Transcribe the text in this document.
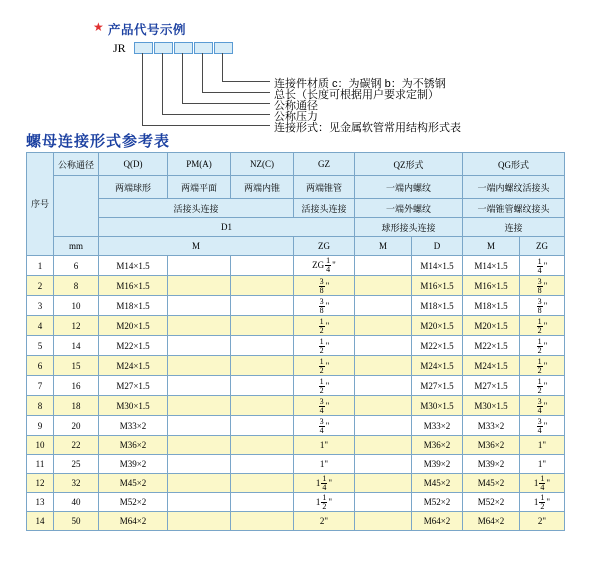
★ 产品代号示例
JR
连接件材质 c：为碳钢 b：为不锈钢
总长（长度可根据用户要求定制）
公称通径
公称压力
连接形式：见金属软管常用结构形式表
螺母连接形式参考表
序号	公称通径	Q(D)	PM(A)	NZ(C)	GZ	QZ形式		QG形式	
		两端球形	两端平面	两端内锥	两端锥管	一端内螺纹		一端内螺纹活接头	
		活接头连接			活接头连接	一端外螺纹		一端锥管螺纹接头	
		D1				球形接头连接		连接	
	mm	M			ZG	M	D	M	ZG
1	6	M14×1.5			ZG $\frac{1}{4}$ "		M14×1.5	M14×1.5	$\frac{1}{4}$ "

2	8	M16×1.5			$\frac{3}{8}$ "		M16×1.5	M16×1.5	$\frac{3}{8}$ "

3	10	M18×1.5			$\frac{3}{8}$ "		M18×1.5	M18×1.5	$\frac{3}{8}$ "

4	12	M20×1.5			$\frac{1}{2}$ "		M20×1.5	M20×1.5	$\frac{1}{2}$ "

5	14	M22×1.5			$\frac{1}{2}$ "		M22×1.5	M22×1.5	$\frac{1}{2}$ "

6	15	M24×1.5			$\frac{1}{2}$ "		M24×1.5	M24×1.5	$\frac{1}{2}$ "

7	16	M27×1.5			$\frac{1}{2}$ "		M27×1.5	M27×1.5	$\frac{1}{2}$ "

8	18	M30×1.5			$\frac{3}{4}$ "		M30×1.5	M30×1.5	$\frac{3}{4}$ "

9	20	M33×2			$\frac{3}{4}$ "		M33×2	M33×2	$\frac{3}{4}$ "

10	22	M36×2			1"		M36×2	M36×2	1"
11	25	M39×2			1"		M39×2	M39×2	1"
12	32	M45×2			$1 \frac{1}{4}$ "		M45×2	M45×2	$1 \frac{1}{4}$ "

13	40	M52×2			$1 \frac{1}{2}$ "		M52×2	M52×2	$1 \frac{1}{2}$ "

14	50	M64×2			2"		M64×2	M64×2	2"
